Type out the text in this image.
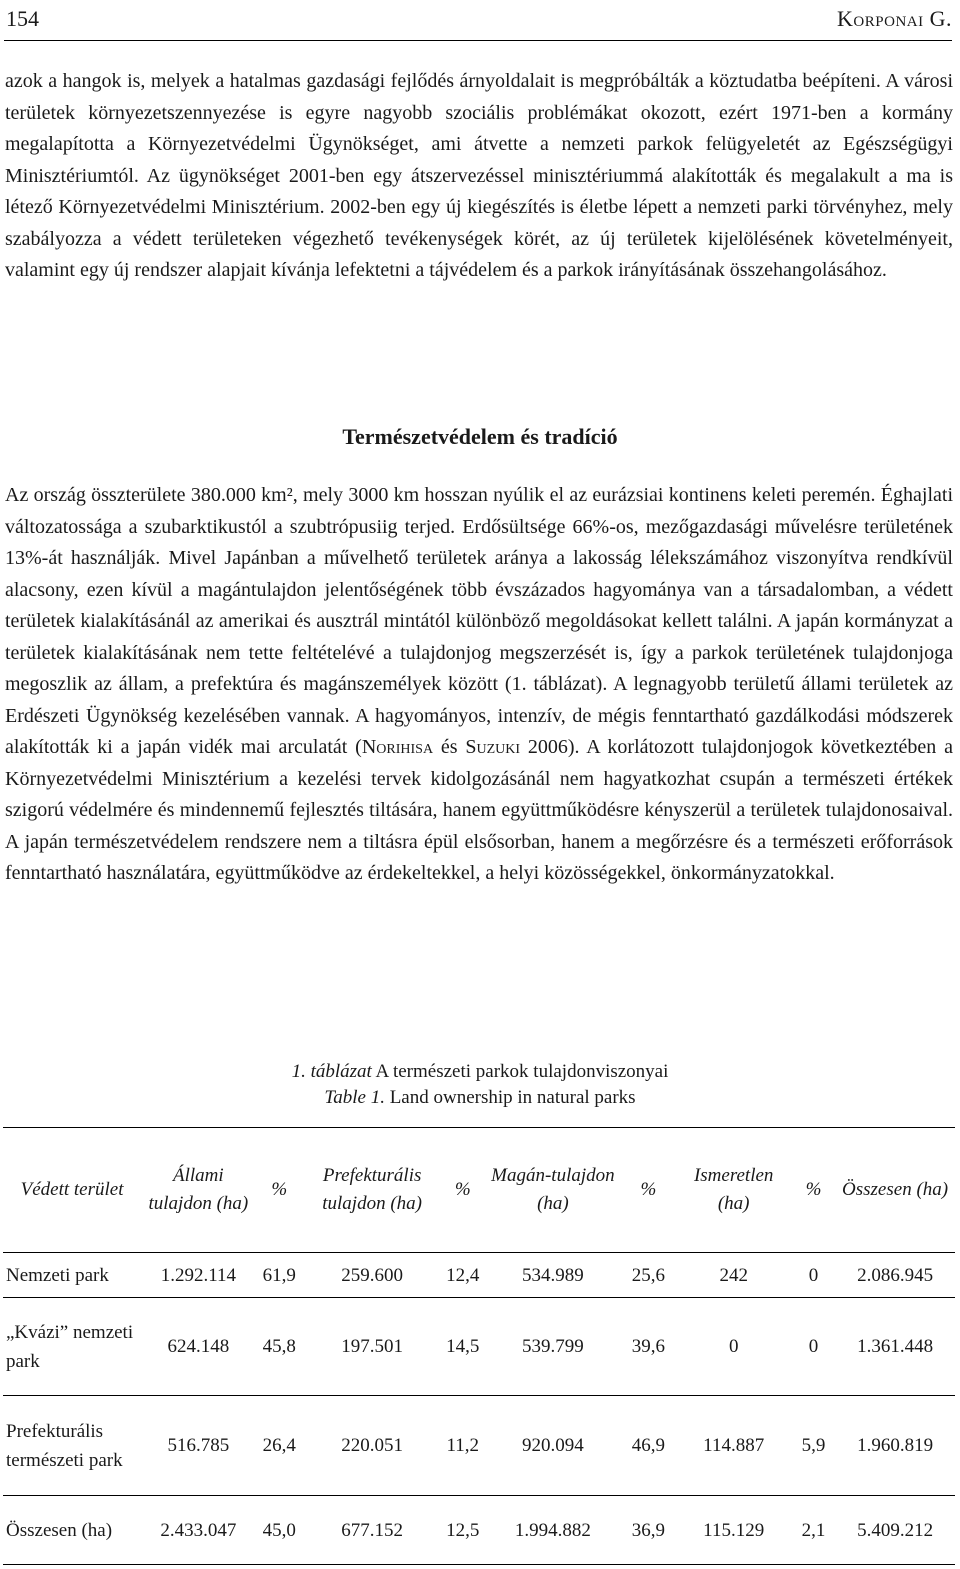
154	Korponai G.

azok a hangok is, melyek a hatalmas gazdasági fejlődés árnyoldalait is megpróbálták a köztudatba beépíteni. A városi területek környezetszennyezése is egyre nagyobb szociális problémákat okozott, ezért 1971-ben a kormány megalapította a Környezetvédelmi Ügynökséget, ami átvette a nemzeti parkok felügyeletét az Egészségügyi Minisztériumtól. Az ügynökséget 2001-ben egy átszervezéssel minisztériummá alakították és megalakult a ma is létező Környezetvédelmi Minisztérium. 2002-ben egy új kiegészítés is életbe lépett a nemzeti parki törvényhez, mely szabályozza a védett területeken végezhető tevékenységek körét, az új területek kijelölésének követelményeit, valamint egy új rendszer alapjait kívánja lefektetni a tájvédelem és a parkok irányításának összehangolásához.

Természetvédelem és tradíció

Az ország összterülete 380.000 km², mely 3000 km hosszan nyúlik el az eurázsiai kontinens keleti peremén. Éghajlati változatossága a szubarktikustól a szubtrópusiig terjed. Erdősültsége 66%-os, mezőgazdasági művelésre területének 13%-át használják. Mivel Japánban a művelhető területek aránya a lakosság lélekszámához viszonyítva rendkívül alacsony, ezen kívül a magántulajdon jelentőségének több évszázados hagyománya van a társadalomban, a védett területek kialakításánál az amerikai és ausztrál mintától különböző megoldásokat kellett találni. A japán kormányzat a területek kialakításának nem tette feltételévé a tulajdonjog megszerzését is, így a parkok területének tulajdonjoga megoszlik az állam, a prefektúra és magánszemélyek között (1. táblázat). A legnagyobb területű állami területek az Erdészeti Ügynökség kezelésében vannak. A hagyományos, intenzív, de mégis fenntartható gazdálkodási módszerek alakították ki a japán vidék mai arculatát (Norihisa és Suzuki 2006). A korlátozott tulajdonjogok következtében a Környezetvédelmi Minisztérium a kezelési tervek kidolgozásánál nem hagyatkozhat csupán a természeti értékek szigorú védelmére és mindennemű fejlesztés tiltására, hanem együttműködésre kényszerül a területek tulajdonosaival. A japán természetvédelem rendszere nem a tiltásra épül elsősorban, hanem a megőrzésre és a természeti erőforrások fenntartható használatára, együttműködve az érdekeltekkel, a helyi közösségekkel, önkormányzatokkal.

1. táblázat A természeti parkok tulajdonviszonyai

Table 1. Land ownership in natural parks

Védett terület	Állami tulajdon (ha)	%	Prefekturális tulajdon (ha)	%	Magán-tulajdon (ha)	%	Ismeretlen (ha)	%	Összesen (ha)
Nemzeti park	1.292.114	61,9	259.600	12,4	534.989	25,6	242	0	2.086.945
„Kvázi” nemzeti park	624.148	45,8	197.501	14,5	539.799	39,6	0	0	1.361.448
Prefekturális természeti park	516.785	26,4	220.051	11,2	920.094	46,9	114.887	5,9	1.960.819
Összesen (ha)	2.433.047	45,0	677.152	12,5	1.994.882	36,9	115.129	2,1	5.409.212
